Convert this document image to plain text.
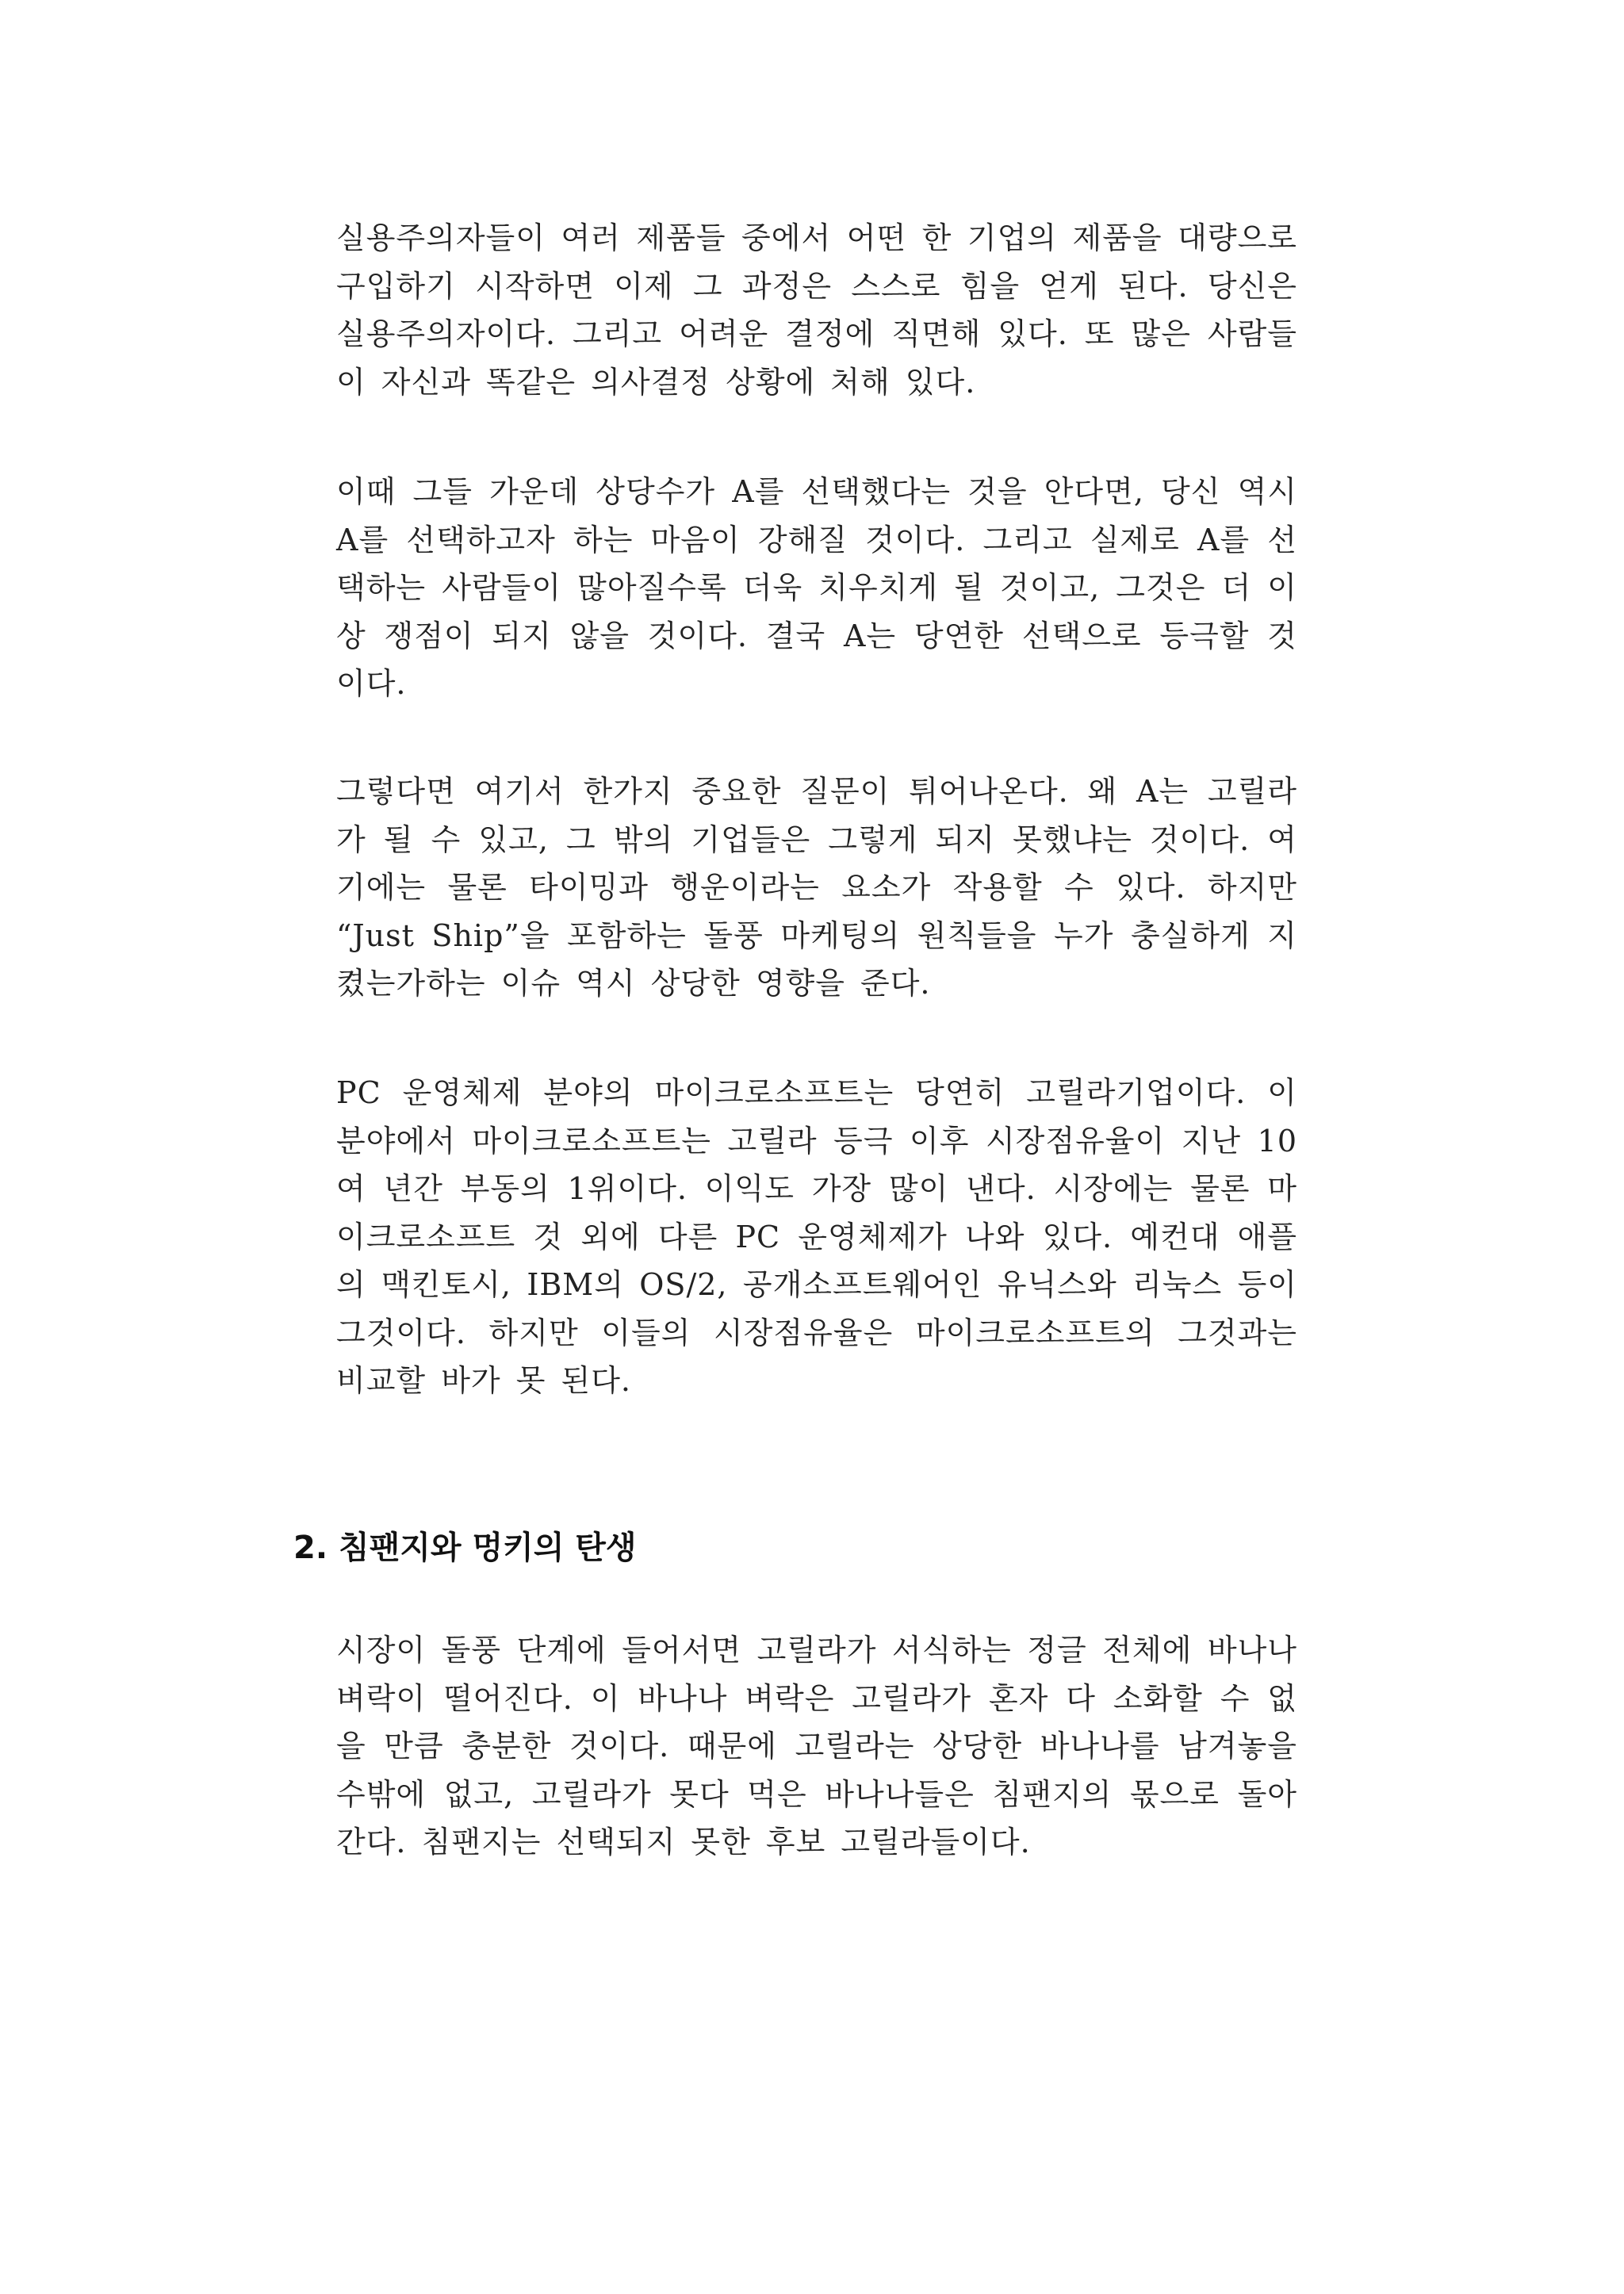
실용주의자들이 여러 제품들 중에서 어떤 한 기업의 제품을 대량으로 구입하기 시작하면 이제 그 과정은 스스로 힘을 얻게 된다. 당신은 실용주의자이다. 그리고 어려운 결정에 직면해 있다. 또 많은 사람들이 자신과 똑같은 의사결정 상황에 처해 있다.

이때 그들 가운데 상당수가 A를 선택했다는 것을 안다면, 당신 역시 A를 선택하고자 하는 마음이 강해질 것이다. 그리고 실제로 A를 선택하는 사람들이 많아질수록 더욱 치우치게 될 것이고, 그것은 더 이상 쟁점이 되지 않을 것이다. 결국 A는 당연한 선택으로 등극할 것이다.

그렇다면 여기서 한가지 중요한 질문이 튀어나온다. 왜 A는 고릴라가 될 수 있고, 그 밖의 기업들은 그렇게 되지 못했냐는 것이다. 여기에는 물론 타이밍과 행운이라는 요소가 작용할 수 있다. 하지만 “Just Ship”을 포함하는 돌풍 마케팅의 원칙들을 누가 충실하게 지켰는가하는 이슈 역시 상당한 영향을 준다.

PC 운영체제 분야의 마이크로소프트는 당연히 고릴라기업이다. 이 분야에서 마이크로소프트는 고릴라 등극 이후 시장점유율이 지난 10여 년간 부동의 1위이다. 이익도 가장 많이 낸다. 시장에는 물론 마이크로소프트 것 외에 다른 PC 운영체제가 나와 있다. 예컨대 애플의 맥킨토시, IBM의 OS/2, 공개소프트웨어인 유닉스와 리눅스 등이 그것이다. 하지만 이들의 시장점유율은 마이크로소프트의 그것과는 비교할 바가 못 된다.

2. 침팬지와 멍키의 탄생

시장이 돌풍 단계에 들어서면 고릴라가 서식하는 정글 전체에 바나나 벼락이 떨어진다. 이 바나나 벼락은 고릴라가 혼자 다 소화할 수 없을 만큼 충분한 것이다. 때문에 고릴라는 상당한 바나나를 남겨놓을 수밖에 없고, 고릴라가 못다 먹은 바나나들은 침팬지의 몫으로 돌아간다. 침팬지는 선택되지 못한 후보 고릴라들이다.
